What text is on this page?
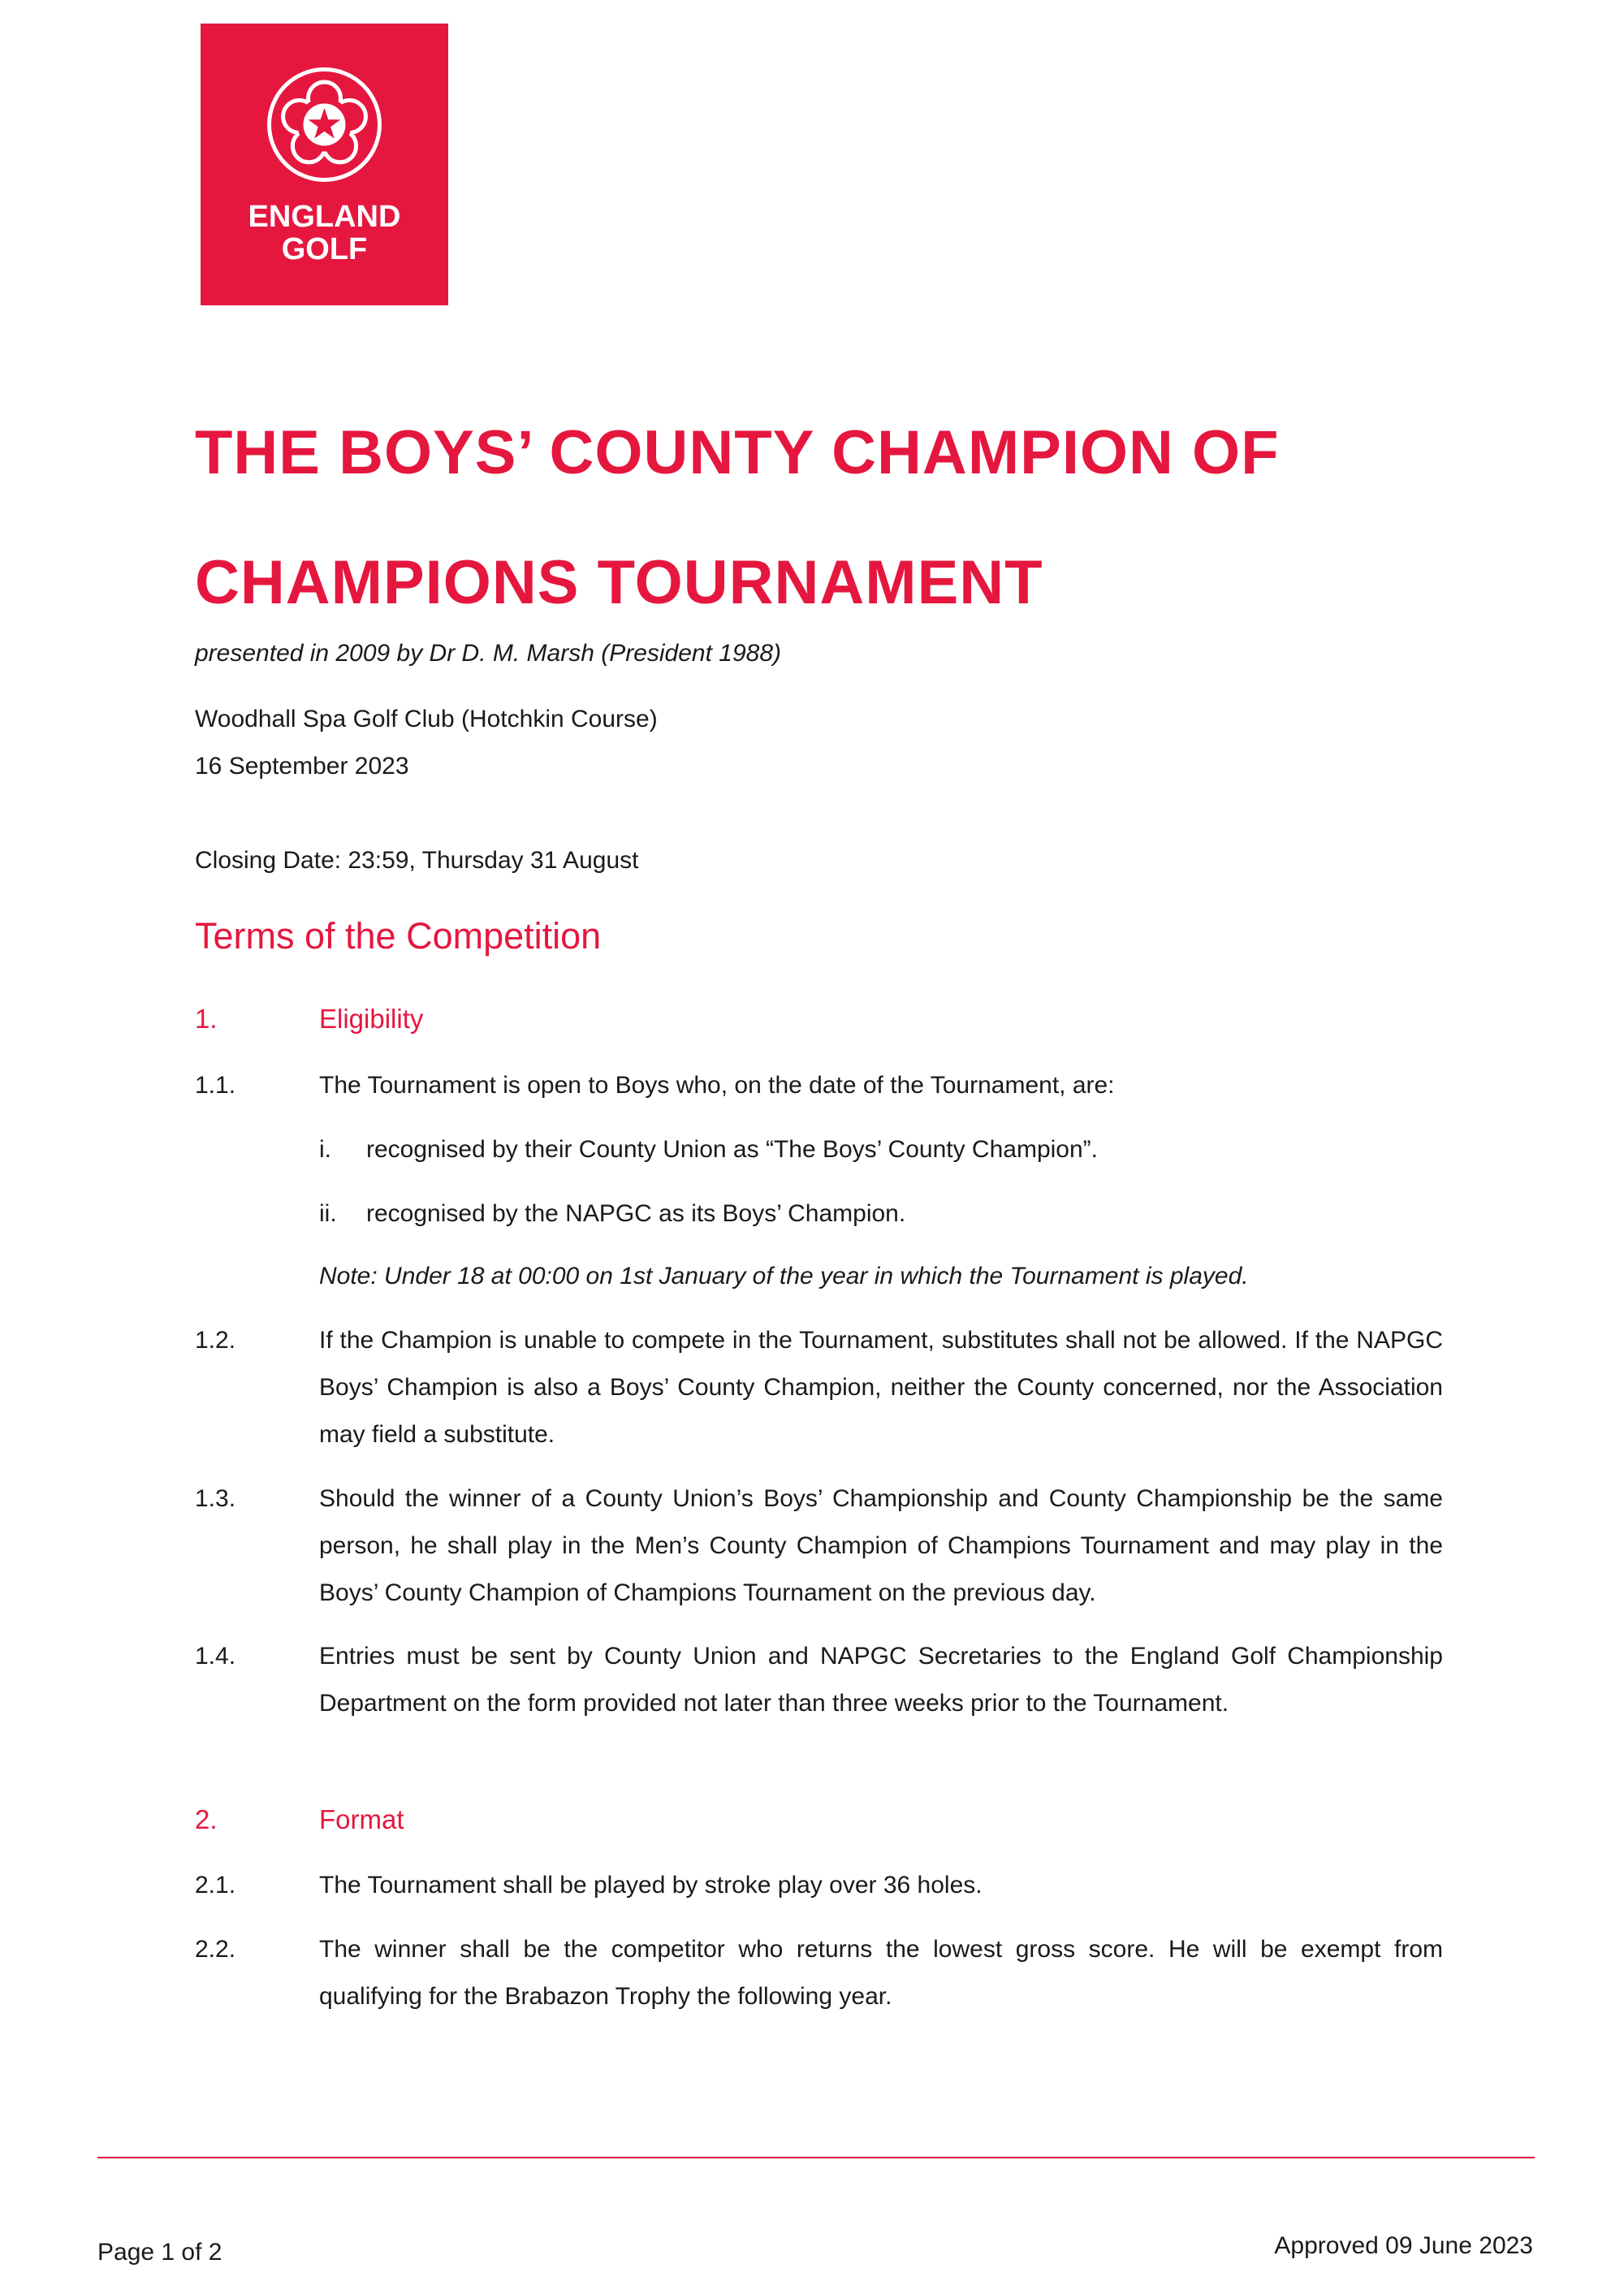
ENGLAND
GOLF
THE BOYS’ COUNTY CHAMPION OF CHAMPIONS TOURNAMENT

presented in 2009 by Dr D. M. Marsh (President 1988)

Woodhall Spa Golf Club (Hotchkin Course)

16 September 2023

Closing Date: 23:59, Thursday 31 August

Terms of the Competition

1.	Eligibility

1.1.	The Tournament is open to Boys who, on the date of the Tournament, are:

i. recognised by their County Union as “The Boys’ County Champion”.

ii. recognised by the NAPGC as its Boys’ Champion.

Note: Under 18 at 00:00 on 1st January of the year in which the Tournament is played.

1.2.	If the Champion is unable to compete in the Tournament, substitutes shall not be allowed. If the NAPGC Boys’ Champion is also a Boys’ County Champion, neither the County concerned, nor the Association may field a substitute.

1.3.	Should the winner of a County Union’s Boys’ Championship and County Championship be the same person, he shall play in the Men’s County Champion of Champions Tournament and may play in the Boys’ County Champion of Champions Tournament on the previous day.

1.4.	Entries must be sent by County Union and NAPGC Secretaries to the England Golf Championship Department on the form provided not later than three weeks prior to the Tournament.

2.	Format

2.1.	The Tournament shall be played by stroke play over 36 holes.

2.2.	The winner shall be the competitor who returns the lowest gross score. He will be exempt from qualifying for the Brabazon Trophy the following year.

Page 1 of 2	Approved 09 June 2023
